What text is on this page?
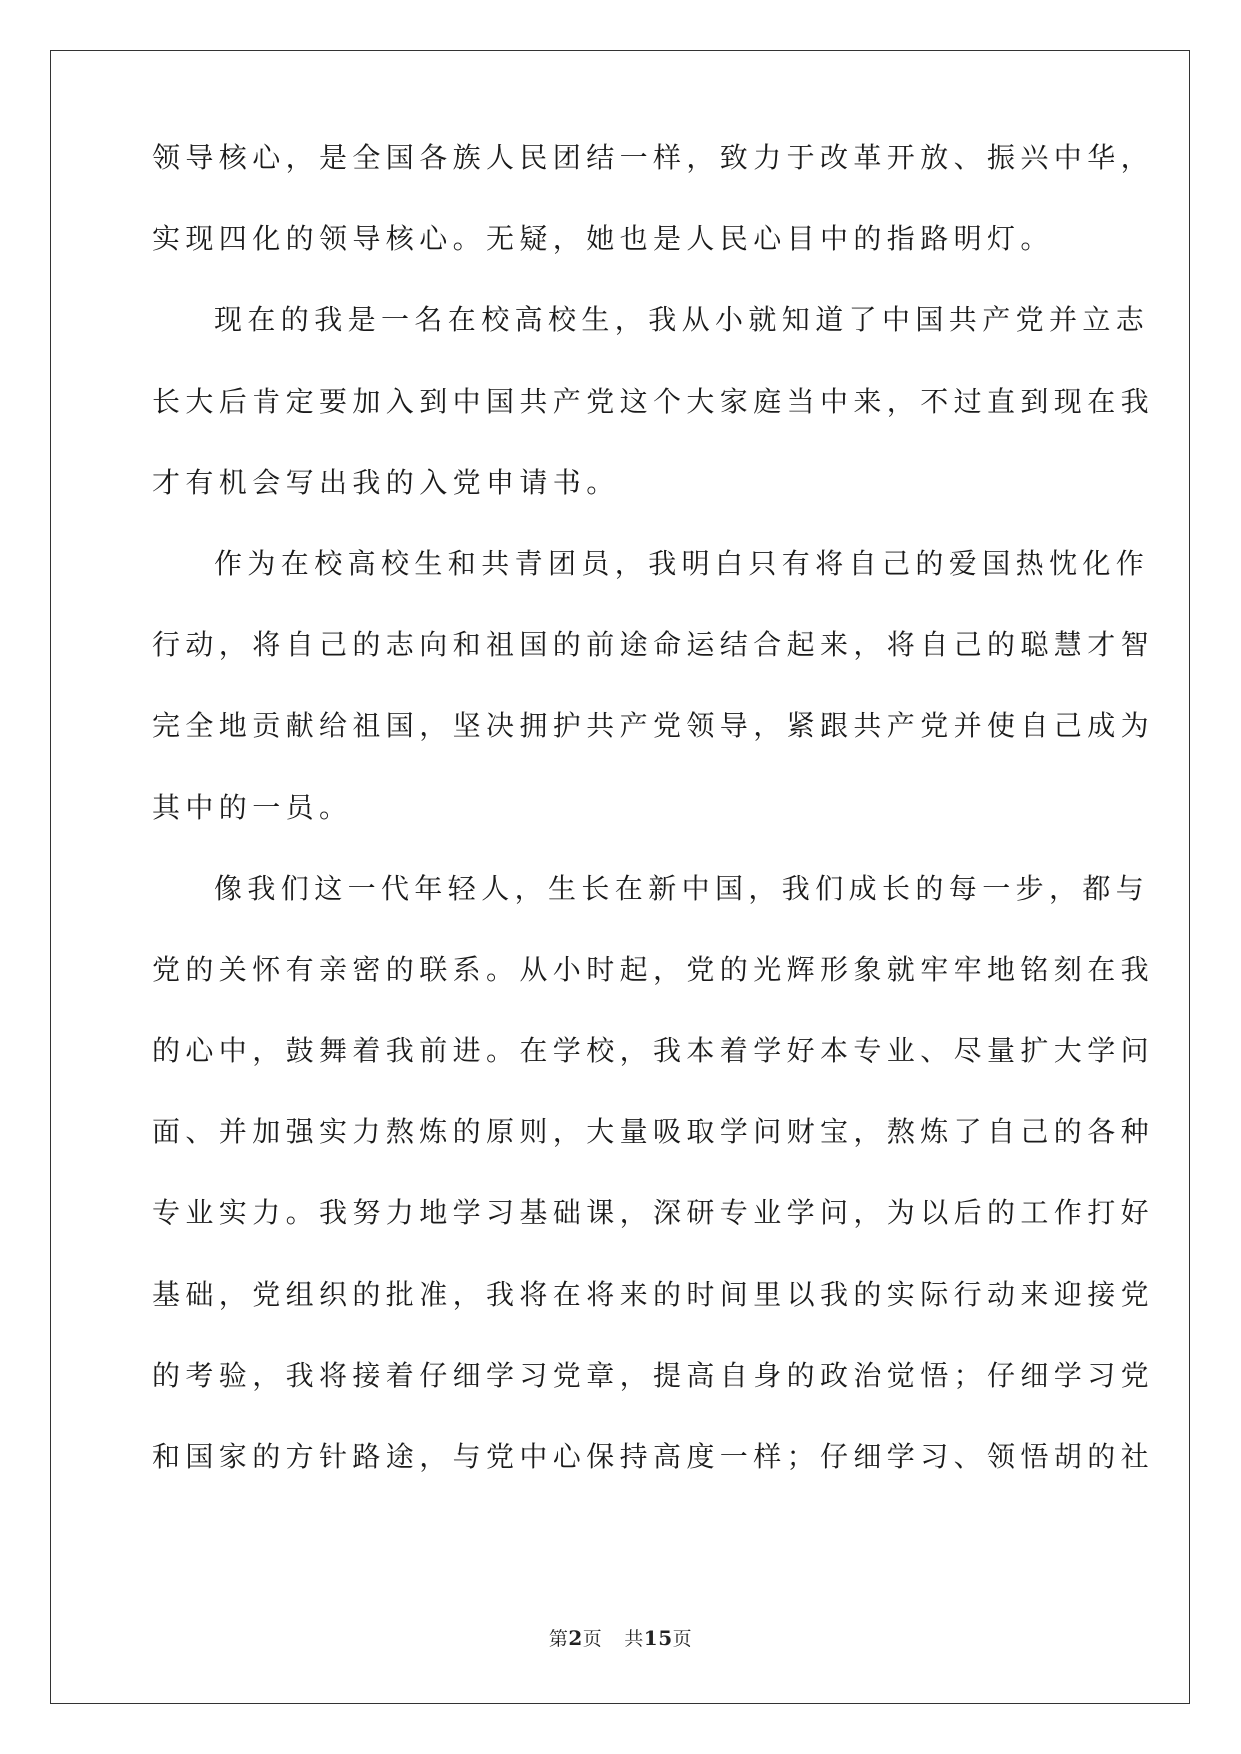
领导核心，是全国各族人民团结一样，致力于改革开放、振兴中华，
实现四化的领导核心。无疑，她也是人民心目中的指路明灯。
现在的我是一名在校高校生，我从小就知道了中国共产党并立志
长大后肯定要加入到中国共产党这个大家庭当中来，不过直到现在我
才有机会写出我的入党申请书。
作为在校高校生和共青团员，我明白只有将自己的爱国热忱化作
行动，将自己的志向和祖国的前途命运结合起来，将自己的聪慧才智
完全地贡献给祖国，坚决拥护共产党领导，紧跟共产党并使自己成为
其中的一员。
像我们这一代年轻人，生长在新中国，我们成长的每一步，都与
党的关怀有亲密的联系。从小时起，党的光辉形象就牢牢地铭刻在我
的心中，鼓舞着我前进。在学校，我本着学好本专业、尽量扩大学问
面、并加强实力熬炼的原则，大量吸取学问财宝，熬炼了自己的各种
专业实力。我努力地学习基础课，深研专业学问，为以后的工作打好
基础，党组织的批准，我将在将来的时间里以我的实际行动来迎接党
的考验，我将接着仔细学习党章，提高自身的政治觉悟；仔细学习党
和国家的方针路途，与党中心保持高度一样；仔细学习、领悟胡的社
第2页 共15页
